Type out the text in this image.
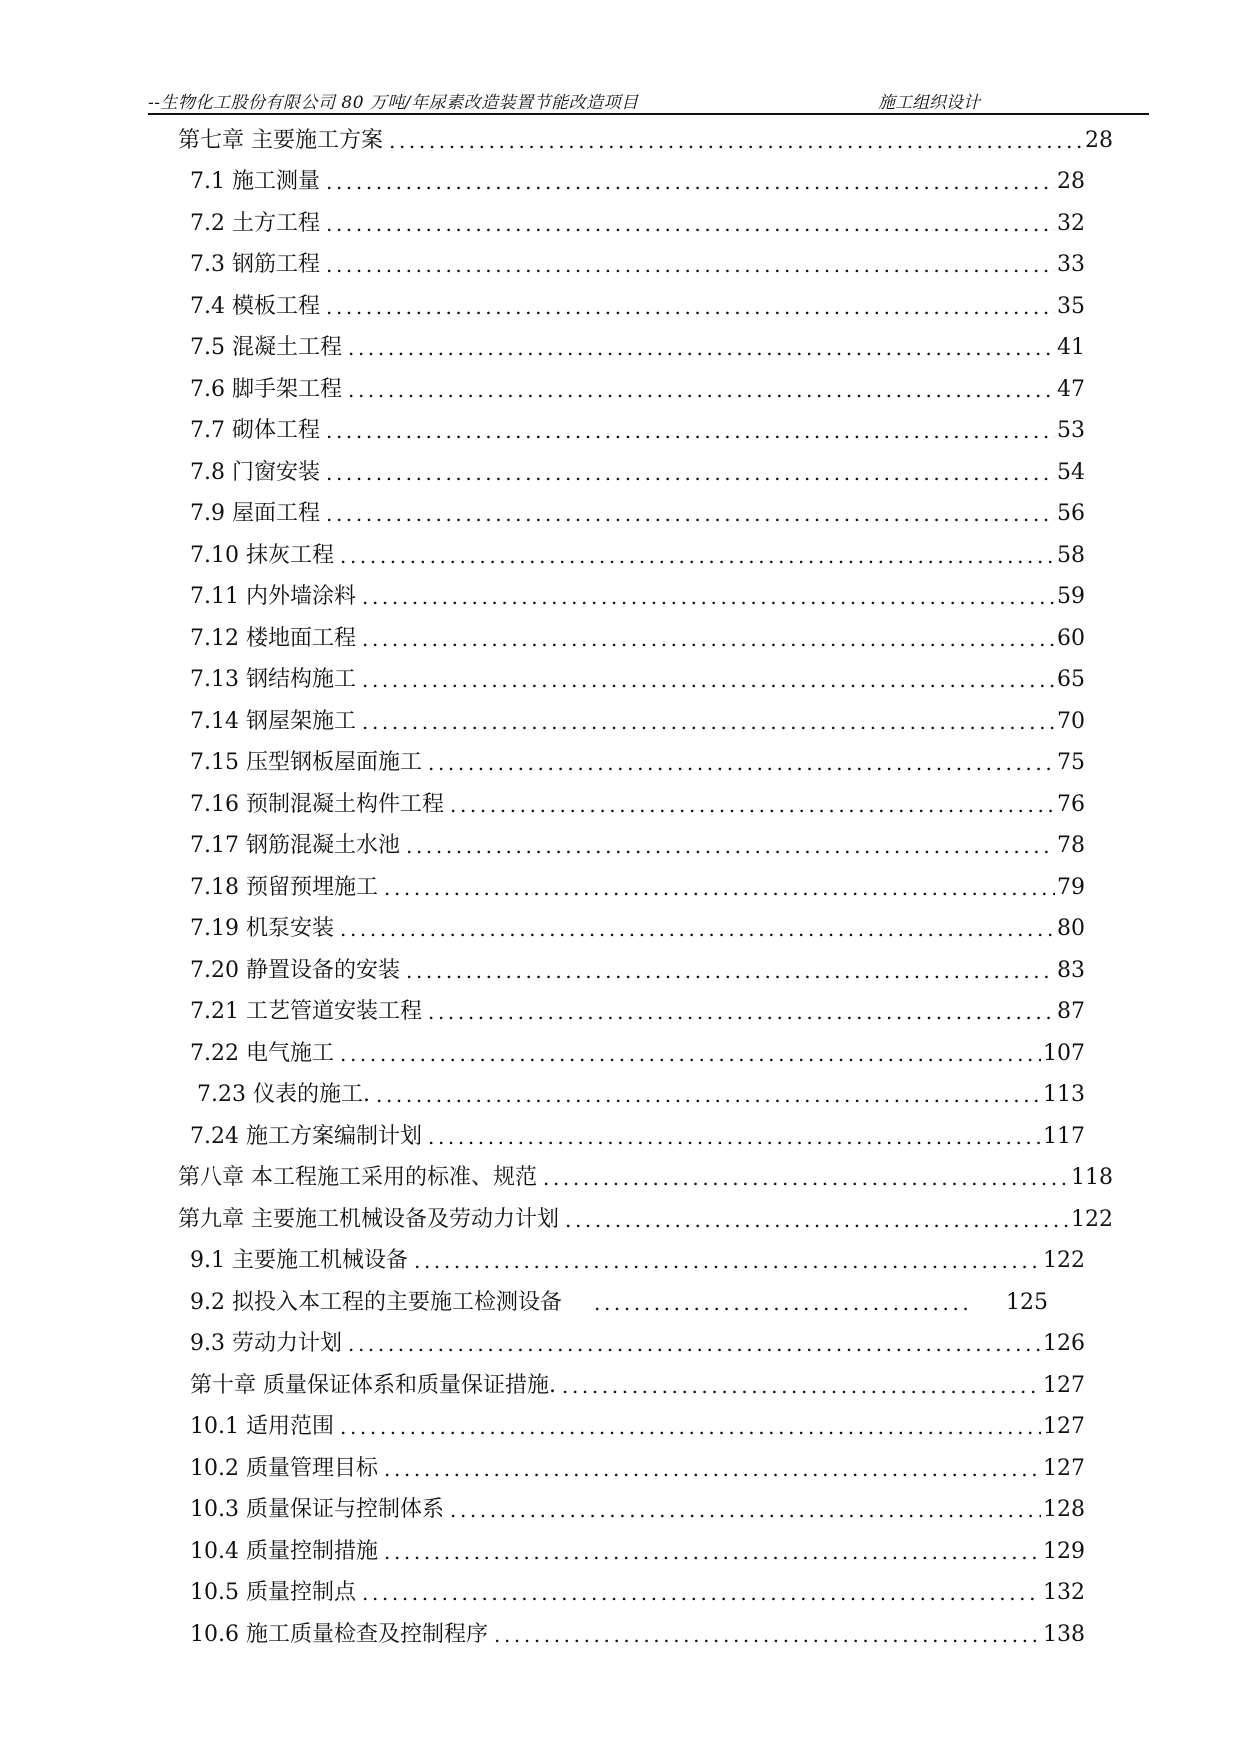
--生物化工股份有限公司 80 万吨/年尿素改造装置节能改造项目	施工组织设计
第七章 主要施工方案 .....	28
7.1 施工测量 .....	28
7.2 土方工程 .....	32
7.3 钢筋工程 .....	33
7.4 模板工程 .....	35
7.5 混凝土工程 .....	41
7.6 脚手架工程 .....	47
7.7 砌体工程 .....	53
7.8 门窗安装 .....	54
7.9 屋面工程 .....	56
7.10 抹灰工程 .....	58
7.11 内外墙涂料 .....	59
7.12 楼地面工程 .....	60
7.13 钢结构施工 .....	65
7.14 钢屋架施工 .....	70
7.15 压型钢板屋面施工 .....	75
7.16 预制混凝土构件工程 .....	76
7.17 钢筋混凝土水池 .....	78
7.18 预留预埋施工 .....	79
7.19 机泵安装 .....	80
7.20 静置设备的安装 .....	83
7.21 工艺管道安装工程 .....	87
7.22 电气施工 .....	107
7.23 仪表的施工. .....	113
7.24 施工方案编制计划 .....	117
第八章 本工程施工采用的标准、规范 .....	118
第九章 主要施工机械设备及劳动力计划 .....	122
9.1 主要施工机械设备 .....	122
9.2 拟投入本工程的主要施工检测设备 .....	125
9.3 劳动力计划 .....	126
第十章 质量保证体系和质量保证措施. .....	127
10.1 适用范围 .....	127
10.2 质量管理目标 .....	127
10.3 质量保证与控制体系 .....	128
10.4 质量控制措施 .....	129
10.5 质量控制点 .....	132
10.6 施工质量检查及控制程序 .....	138
